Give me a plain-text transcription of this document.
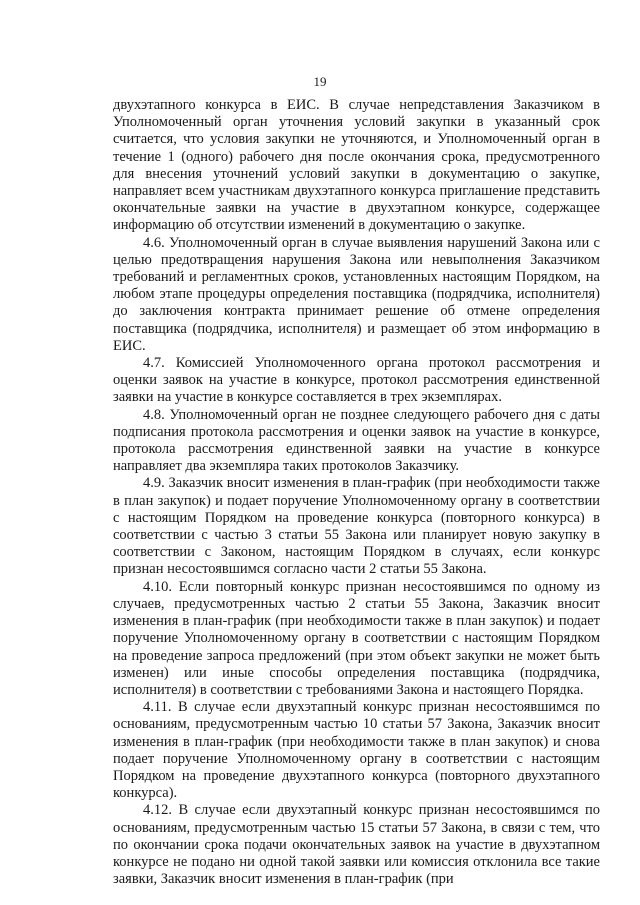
19

двухэтапного конкурса в ЕИС. В случае непредставления Заказчиком в Уполномоченный орган уточнения условий закупки в указанный срок считается, что условия закупки не уточняются, и Уполномоченный орган в течение 1 (одного) рабочего дня после окончания срока, предусмотренного для внесения уточнений условий закупки в документацию о закупке, направляет всем участникам двухэтапного конкурса приглашение представить окончательные заявки на участие в двухэтапном конкурсе, содержащее информацию об отсутствии изменений в документацию о закупке.

4.6. Уполномоченный орган в случае выявления нарушений Закона или с целью предотвращения нарушения Закона или невыполнения Заказчиком требований и регламентных сроков, установленных настоящим Порядком, на любом этапе процедуры определения поставщика (подрядчика, исполнителя) до заключения контракта принимает решение об отмене определения поставщика (подрядчика, исполнителя) и размещает об этом информацию в ЕИС.

4.7. Комиссией Уполномоченного органа протокол рассмотрения и оценки заявок на участие в конкурсе, протокол рассмотрения единственной заявки на участие в конкурсе составляется в трех экземплярах.

4.8. Уполномоченный орган не позднее следующего рабочего дня с даты подписания протокола рассмотрения и оценки заявок на участие в конкурсе, протокола рассмотрения единственной заявки на участие в конкурсе направляет два экземпляра таких протоколов Заказчику.

4.9. Заказчик вносит изменения в план-график (при необходимости также в план закупок) и подает поручение Уполномоченному органу в соответствии с настоящим Порядком на проведение конкурса (повторного конкурса) в соответствии с частью 3 статьи 55 Закона или планирует новую закупку в соответствии с Законом, настоящим Порядком в случаях, если конкурс признан несостоявшимся согласно части 2 статьи 55 Закона.

4.10. Если повторный конкурс признан несостоявшимся по одному из случаев, предусмотренных частью 2 статьи 55 Закона, Заказчик вносит изменения в план-график (при необходимости также в план закупок) и подает поручение Уполномоченному органу в соответствии с настоящим Порядком на проведение запроса предложений (при этом объект закупки не может быть изменен) или иные способы определения поставщика (подрядчика, исполнителя) в соответствии с требованиями Закона и настоящего Порядка.

4.11. В случае если двухэтапный конкурс признан несостоявшимся по основаниям, предусмотренным частью 10 статьи 57 Закона, Заказчик вносит изменения в план-график (при необходимости также в план закупок) и снова подает поручение Уполномоченному органу в соответствии с настоящим Порядком на проведение двухэтапного конкурса (повторного двухэтапного конкурса).

4.12. В случае если двухэтапный конкурс признан несостоявшимся по основаниям, предусмотренным частью 15 статьи 57 Закона, в связи с тем, что по окончании срока подачи окончательных заявок на участие в двухэтапном конкурсе не подано ни одной такой заявки или комиссия отклонила все такие заявки, Заказчик вносит изменения в план-график (при
